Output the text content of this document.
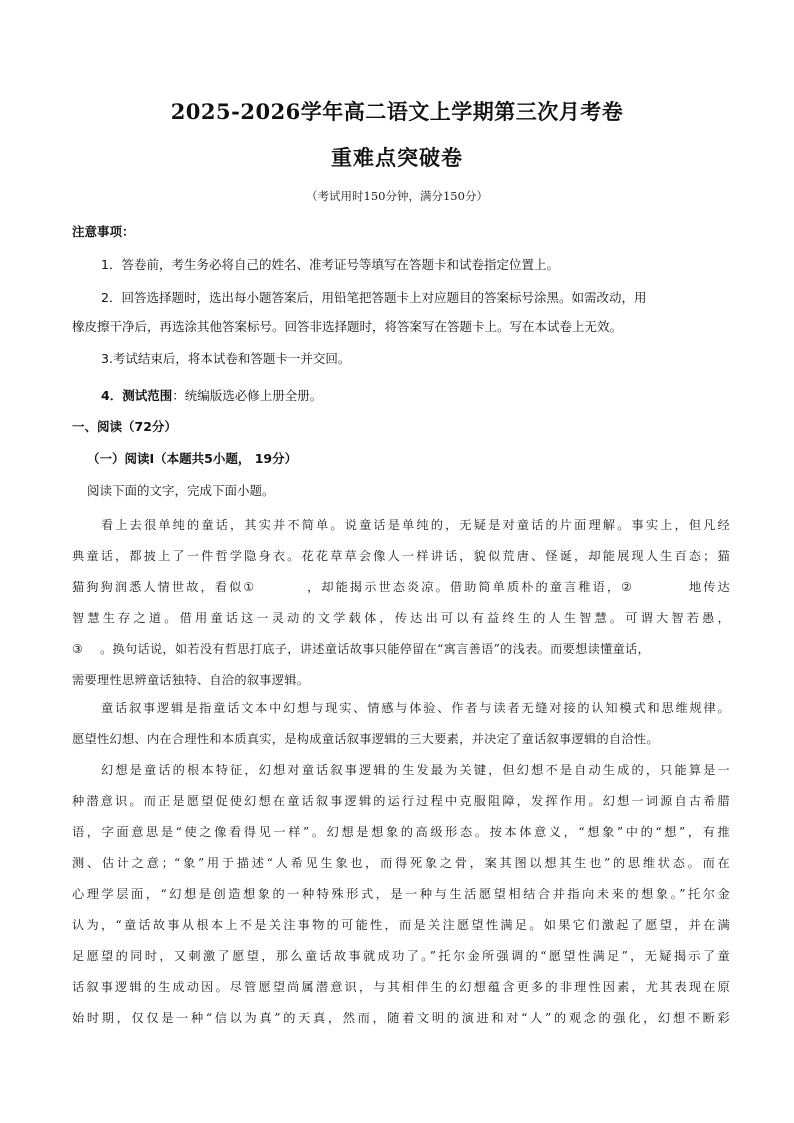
2025-2026学年高二语文上学期第三次月考卷
重难点突破卷
（考试用时150分钟，满分150分）
注意事项：
1．答卷前，考生务必将自己的姓名、准考证号等填写在答题卡和试卷指定位置上。
2．回答选择题时，选出每小题答案后，用铅笔把答题卡上对应题目的答案标号涂黑。如需改动，用
橡皮擦干净后，再选涂其他答案标号。回答非选择题时，将答案写在答题卡上。写在本试卷上无效。
3.考试结束后，将本试卷和答题卡一并交回。
4．测试范围：统编版选必修上册全册。
一、阅读（72分）
（一）阅读Ⅰ（本题共5小题， 19分）
阅读下面的文字，完成下面小题。
看上去很单纯的童话，其实并不简单。说童话是单纯的，无疑是对童话的片面理解。事实上，但凡经
典童话，都披上了一件哲学隐身衣。花花草草会像人一样讲话，貌似荒唐、怪诞，却能展现人生百态；猫
猫狗狗润悉人情世故，看似①	，却能揭示世态炎凉。借助简单质朴的童言稚语，②	地传达
智慧生存之道。借用童话这一灵动的文学载体，传达出可以有益终生的人生智慧。可谓大智若愚，
③ 。换句话说，如若没有哲思打底子，讲述童话故事只能停留在“寓言善语”的浅表。而要想读懂童话，
需要理性思辨童话独特、自洽的叙事逻辑。
童话叙事逻辑是指童话文本中幻想与现实、情感与体验、作者与读者无缝对接的认知模式和思维规律。
愿望性幻想、内在合理性和本质真实，是构成童话叙事逻辑的三大要素，并决定了童话叙事逻辑的自洽性。
幻想是童话的根本特征，幻想对童话叙事逻辑的生发最为关键，但幻想不是自动生成的，只能算是一
种潜意识。而正是愿望促使幻想在童话叙事逻辑的运行过程中克服阻障，发挥作用。幻想一词源自古希腊
语，字面意思是“使之像看得见一样”。幻想是想象的高级形态。按本体意义，“想象”中的“想”，有推
测、估计之意；“象”用于描述“人希见生象也，而得死象之骨，案其图以想其生也”的思维状态。而在
心理学层面，“幻想是创造想象的一种特殊形式，是一种与生活愿望相结合并指向未来的想象。”托尔金
认为，“童话故事从根本上不是关注事物的可能性，而是关注愿望性满足。如果它们激起了愿望，并在满
足愿望的同时，又刺激了愿望，那么童话故事就成功了。”托尔金所强调的“愿望性满足”，无疑揭示了童
话叙事逻辑的生成动因。尽管愿望尚属潜意识，与其相伴生的幻想蕴含更多的非理性因素，尤其表现在原
始时期，仅仅是一种“信以为真”的天真，然而，随着文明的演进和对“人”的观念的强化，幻想不断彩
